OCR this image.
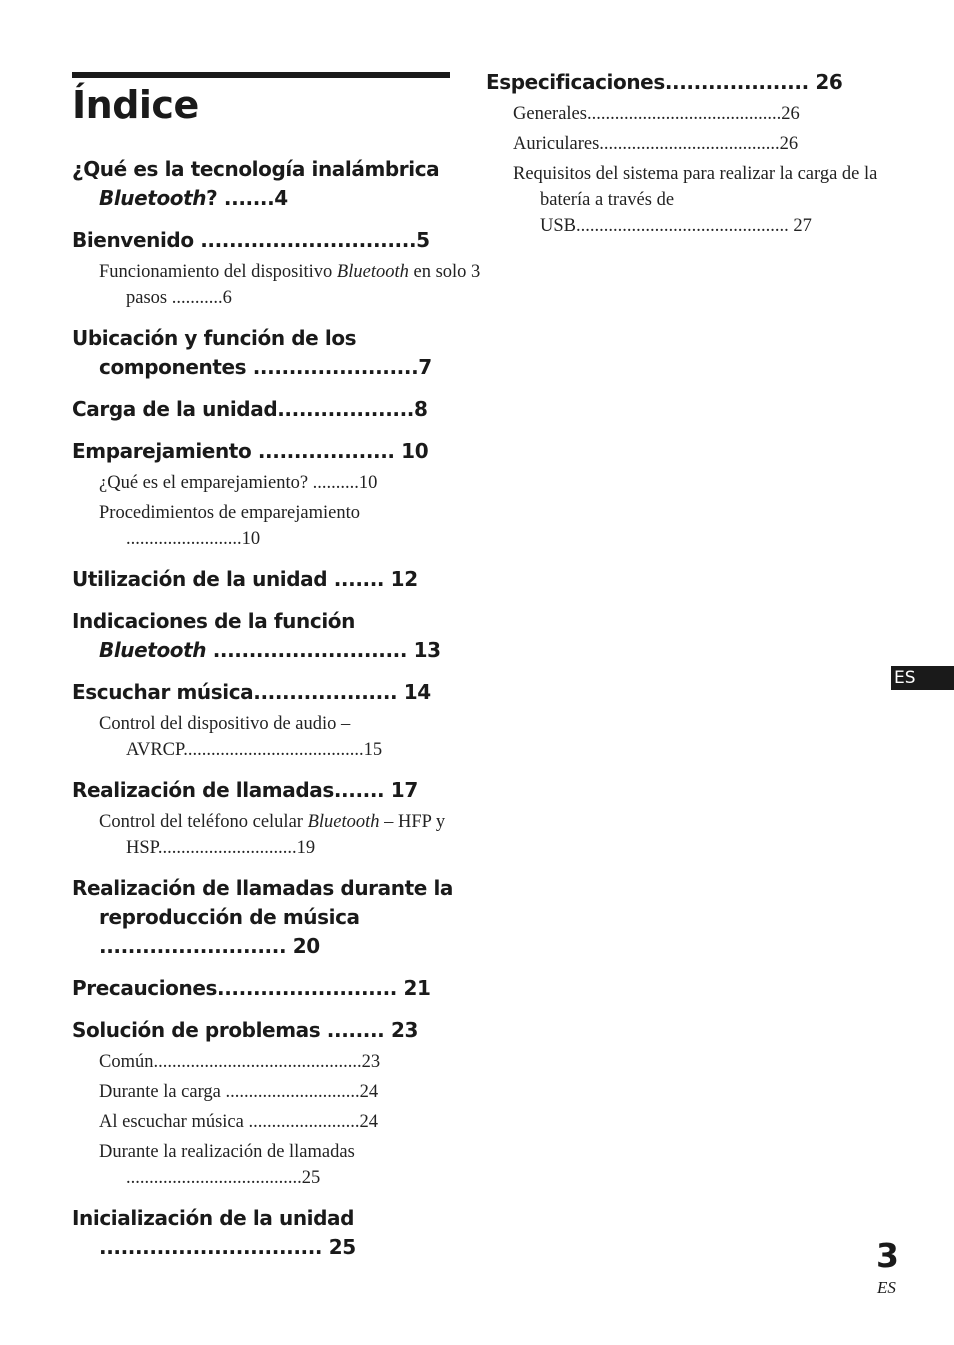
Índice
¿Qué es la tecnología inalámbrica Bluetooth? .......4
Bienvenido ..............................5
Funcionamiento del dispositivo Bluetooth en solo 3 pasos ...........6
Ubicación y función de los componentes .......................7
Carga de la unidad...................8
Emparejamiento ................... 10
¿Qué es el emparejamiento? ..........10
Procedimientos de emparejamiento .........................10
Utilización de la unidad ....... 12
Indicaciones de la función Bluetooth ........................... 13
Escuchar música.................... 14
Control del dispositivo de audio – AVRCP.......................................15
Realización de llamadas....... 17
Control del teléfono celular Bluetooth – HFP y HSP..............................19
Realización de llamadas durante la reproducción de música .......................... 20
Precauciones......................... 21
Solución de problemas ........ 23
Común.............................................23
Durante la carga .............................24
Al escuchar música ........................24
Durante la realización de llamadas ......................................25
Inicialización de la unidad ............................... 25
Especificaciones.................... 26
Generales..........................................26
Auriculares.......................................26
Requisitos del sistema para realizar la carga de la batería a través de USB.............................................. 27
ES
3
ES
